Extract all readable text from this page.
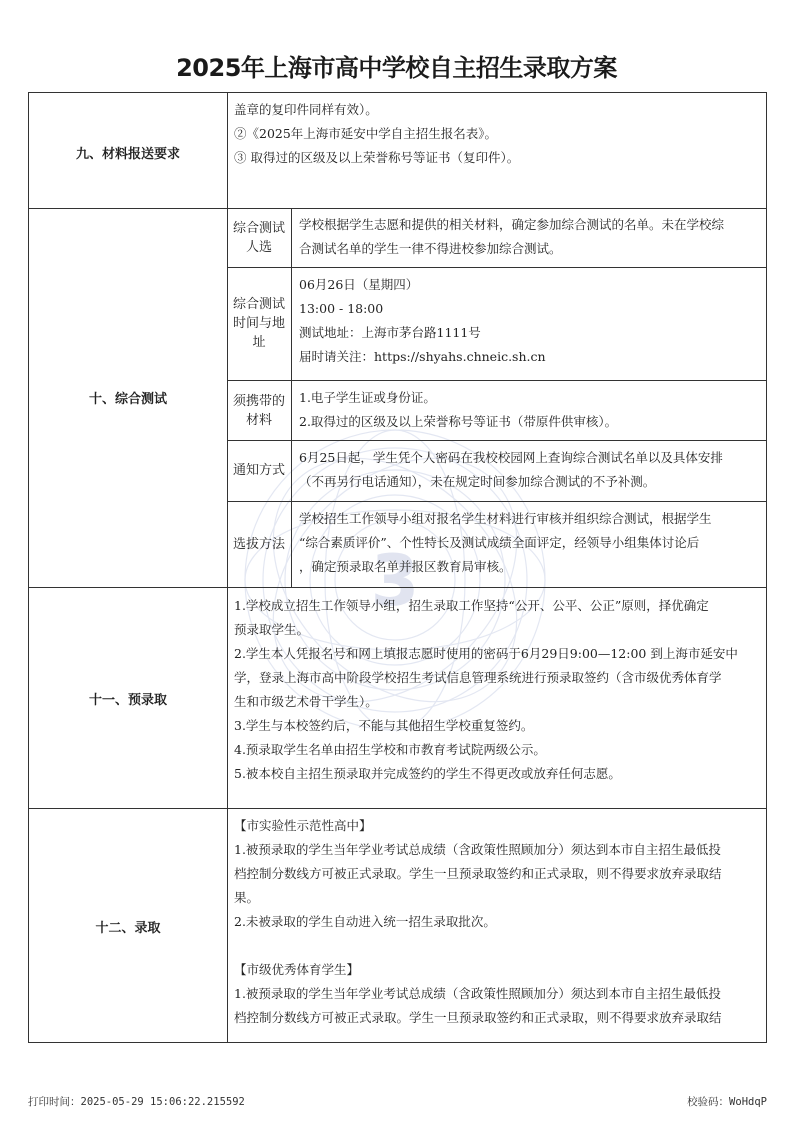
3
2025年上海市高中学校自主招生录取方案
九、材料报送要求
盖章的复印件同样有效）。
②《2025年上海市延安中学自主招生报名表》。
③ 取得过的区级及以上荣誉称号等证书（复印件）。
十、综合测试
综合测试人选
学校根据学生志愿和提供的相关材料，确定参加综合测试的名单。未在学校综
合测试名单的学生一律不得进校参加综合测试。
综合测试时间与地址
06月26日（星期四）
13:00 - 18:00
测试地址：上海市茅台路1111号
届时请关注：https://shyahs.chneic.sh.cn
须携带的材料
1.电子学生证或身份证。
2.取得过的区级及以上荣誉称号等证书（带原件供审核）。
通知方式
6月25日起，学生凭个人密码在我校校园网上查询综合测试名单以及具体安排
（不再另行电话通知），未在规定时间参加综合测试的不予补测。
选拔方法
学校招生工作领导小组对报名学生材料进行审核并组织综合测试，根据学生
“综合素质评价”、个性特长及测试成绩全面评定，经领导小组集体讨论后
，确定预录取名单并报区教育局审核。
十一、预录取
1.学校成立招生工作领导小组，招生录取工作坚持“公开、公平、公正”原则，择优确定
预录取学生。
2.学生本人凭报名号和网上填报志愿时使用的密码于6月29日9:00—12:00 到上海市延安中
学，登录上海市高中阶段学校招生考试信息管理系统进行预录取签约（含市级优秀体育学
生和市级艺术骨干学生）。
3.学生与本校签约后，不能与其他招生学校重复签约。
4.预录取学生名单由招生学校和市教育考试院两级公示。
5.被本校自主招生预录取并完成签约的学生不得更改或放弃任何志愿。
十二、录取
【市实验性示范性高中】
1.被预录取的学生当年学业考试总成绩（含政策性照顾加分）须达到本市自主招生最低投
档控制分数线方可被正式录取。学生一旦预录取签约和正式录取，则不得要求放弃录取结
果。
2.未被录取的学生自动进入统一招生录取批次。
【市级优秀体育学生】
1.被预录取的学生当年学业考试总成绩（含政策性照顾加分）须达到本市自主招生最低投
档控制分数线方可被正式录取。学生一旦预录取签约和正式录取，则不得要求放弃录取结
打印时间：2025-05-29 15:06:22.215592	校验码：WoHdqP
